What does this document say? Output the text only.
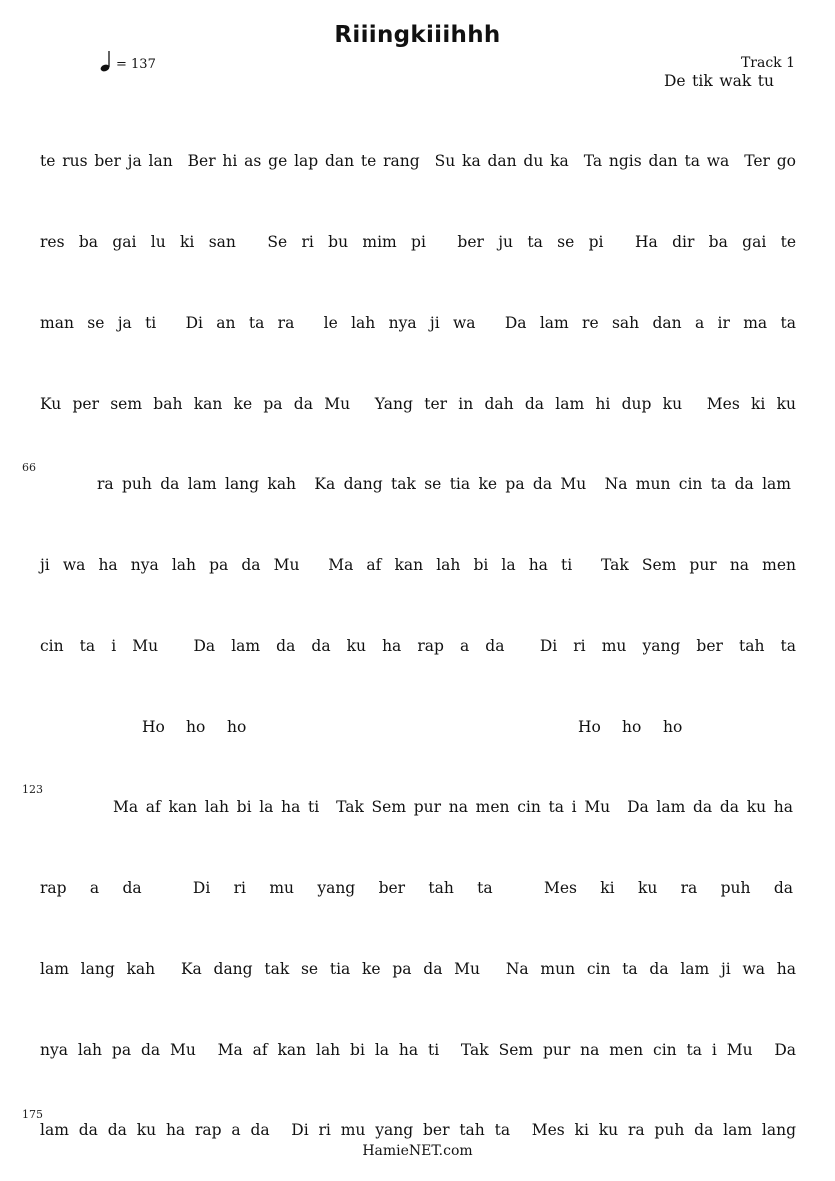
Riiingkiiihhh
= 137	Track 1
De tik wak tu
te rus ber ja lan Ber hi as ge lap dan te rang Su ka dan du ka Ta ngis dan ta wa Ter go
res ba gai lu ki san Se ri bu mim pi ber ju ta se pi Ha dir ba gai te
man se ja ti Di an ta ra le lah nya ji wa Da lam re sah dan a ir ma ta
Ku per sem bah kan ke pa da Mu Yang ter in dah da lam hi dup ku Mes ki ku
66
ra puh da lam lang kah Ka dang tak se tia ke pa da Mu Na mun cin ta da lam
ji wa ha nya lah pa da Mu Ma af kan lah bi la ha ti Tak Sem pur na men
cin ta i Mu Da lam da da ku ha rap a da Di ri mu yang ber tah ta
Ho ho ho	Ho ho ho
123
Ma af kan lah bi la ha ti Tak Sem pur na men cin ta i Mu Da lam da da ku ha
rap a da	Di ri mu yang ber tah ta	Mes ki ku ra puh da
lam lang kah Ka dang tak se tia ke pa da Mu Na mun cin ta da lam ji wa ha
nya lah pa da Mu Ma af kan lah bi la ha ti Tak Sem pur na men cin ta i Mu Da
175
lam da da ku ha rap a da Di ri mu yang ber tah ta Mes ki ku ra puh da lam lang
HamieNET.com
